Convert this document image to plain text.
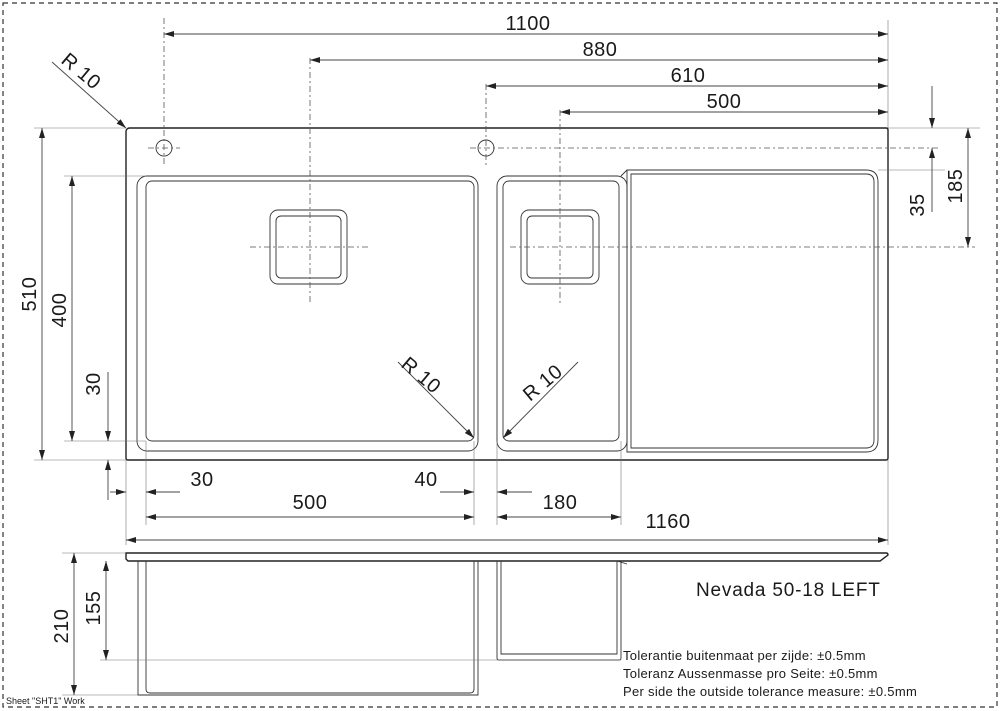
1100
880
610
500
R 10
35
185
510 400
30	R 10	R 10
30	40
500	180
1160
210
155
Nevada 50-18 LEFT
Tolerantie buitenmaat per zijde: ±0.5mm
Toleranz Aussenmasse pro Seite: ±0.5mm
Per side the outside tolerance measure: ±0.5mm
Sheet "SHT1" Work
